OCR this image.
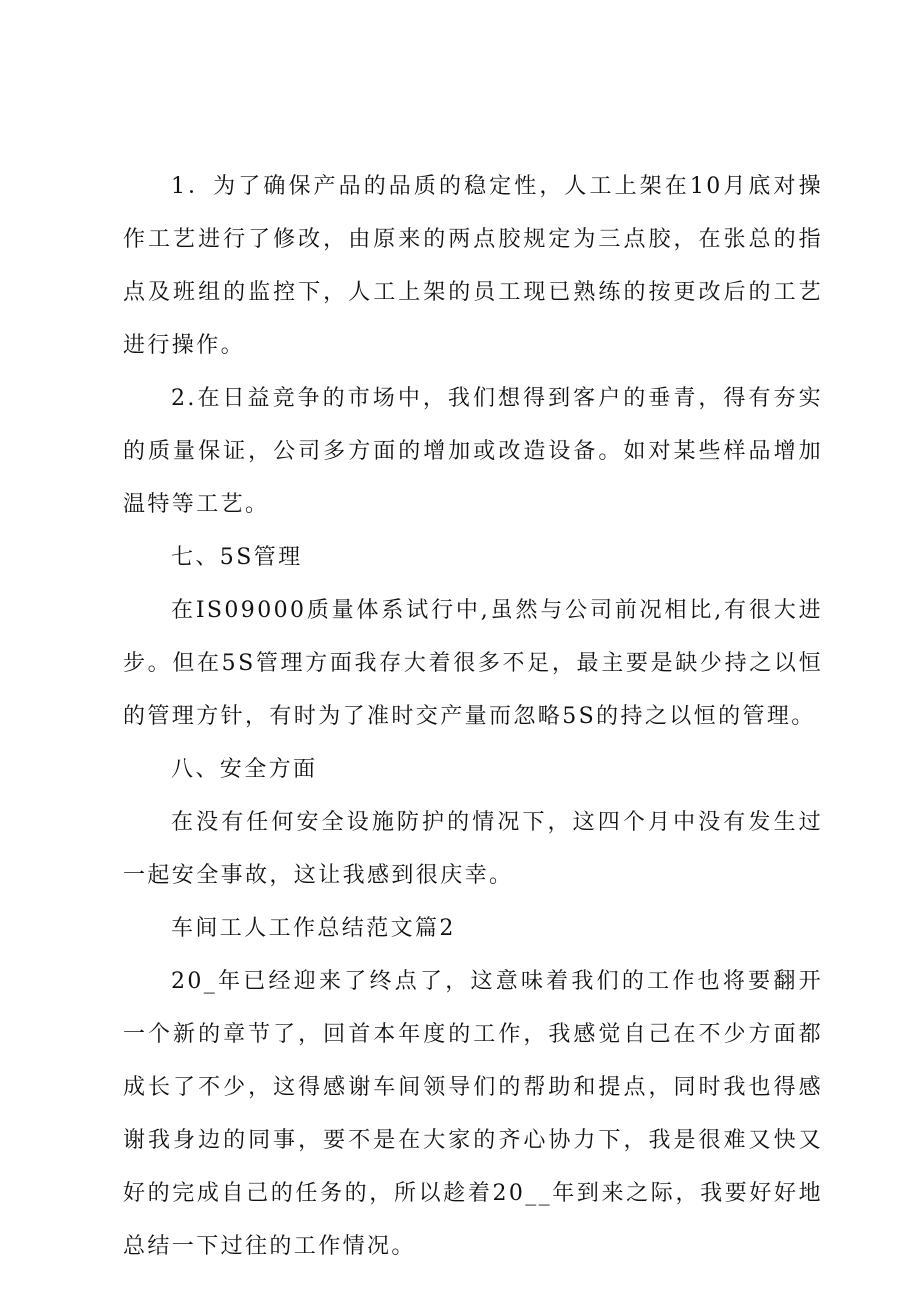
1．为了确保产品的品质的稳定性，人工上架在10月底对操作工艺进行了修改，由原来的两点胶规定为三点胶，在张总的指点及班组的监控下，人工上架的员工现已熟练的按更改后的工艺进行操作。

2.在日益竞争的市场中，我们想得到客户的垂青，得有夯实的质量保证，公司多方面的增加或改造设备。如对某些样品增加温特等工艺。

七、5S管理

在IS09000质量体系试行中,虽然与公司前况相比,有很大进步。但在5S管理方面我存大着很多不足，最主要是缺少持之以恒的管理方针，有时为了准时交产量而忽略5S的持之以恒的管理。

八、安全方面

在没有任何安全设施防护的情况下，这四个月中没有发生过一起安全事故，这让我感到很庆幸。

车间工人工作总结范文篇2

20_年已经迎来了终点了，这意味着我们的工作也将要翻开一个新的章节了，回首本年度的工作，我感觉自己在不少方面都成长了不少，这得感谢车间领导们的帮助和提点，同时我也得感谢我身边的同事，要不是在大家的齐心协力下，我是很难又快又好的完成自己的任务的，所以趁着20__年到来之际，我要好好地总结一下过往的工作情况。
